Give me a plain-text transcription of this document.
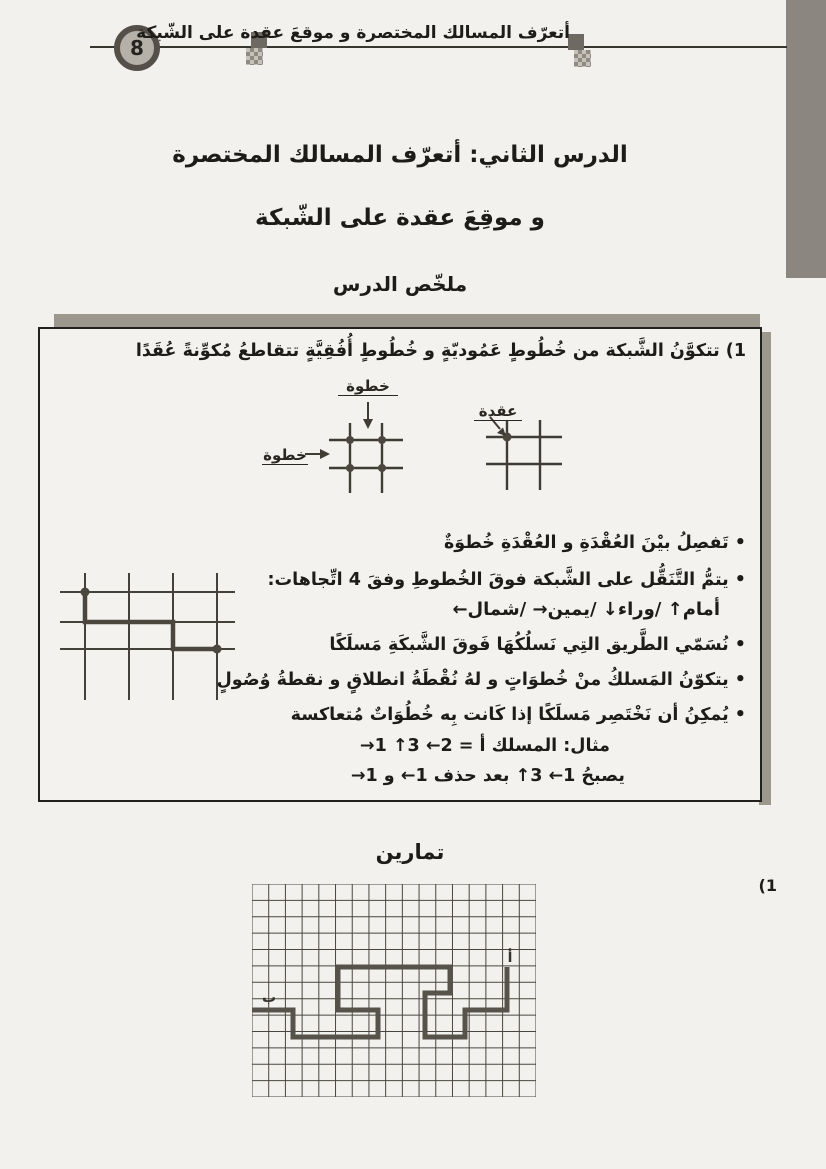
8
أتعرّف المسالك المختصرة و موقعَ عقدة على الشّبكة
الدرس الثاني: أتعرّف المسالك المختصرة
و موقِعَ عقدة على الشّبكة
ملخّص الدرس
1) تتكوَّنُ الشَّبكة من خُطُوطٍ عَمُوديّةٍ و خُطُوطٍ أُفُقِيَّةٍ تتقاطعُ مُكوِّنةً عُقَدًا
خطوة
خطوة
عقدة
• تَفصِلُ بيْنَ العُقْدَةِ و العُقْدَةِ خُطوَةٌ
• يتمُّ التَّنَقُّل على الشَّبكة فوقَ الخُطوطِ وفقَ 4 اتِّجاهات:
أمام↑ /وراء↓ /يمين→ /شمال←
• نُسَمّي الطَّريق التِي نَسلُكُهَا فَوقَ الشَّبكَةِ مَسلَكًا
• يتكوّنُ المَسلكُ منْ خُطوَاتٍ و لهُ نُقْطَةُ انطلاقٍ و نقطةُ وُصُولٍ
• يُمكِنُ أن نَخْتَصِر مَسلَكًا إذا كَانت بِه خُطُوَاتٌ مُتعاكسة
مثال: المسلك أ = 2← 3↑ 1→
يصبحُ 1← 3↑ بعد حذف 1← و 1→
تمارين
1)
ب
أ
